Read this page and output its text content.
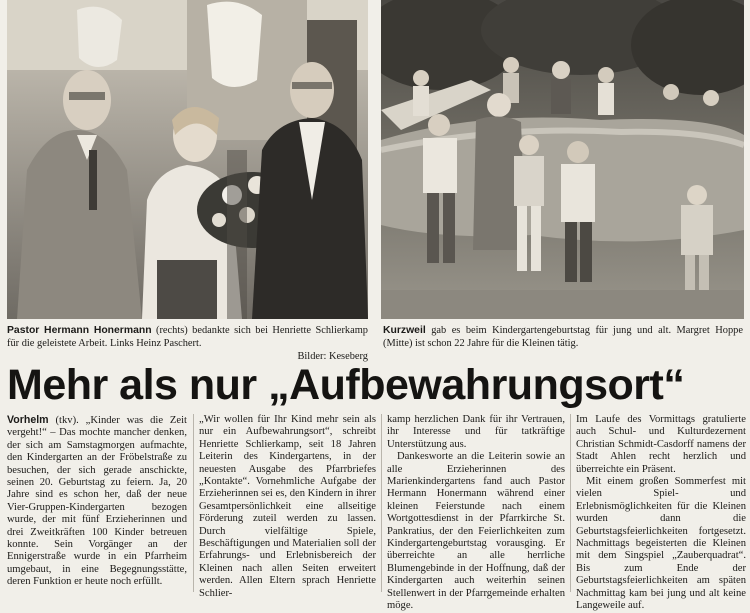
Pastor Hermann Honermann (rechts) bedankte sich bei Henriette Schlierkamp für die geleistete Arbeit. Links Heinz Paschert.
Bilder: Keseberg
Kurzweil gab es beim Kindergartengeburtstag für jung und alt. Margret Hoppe (Mitte) ist schon 22 Jahre für die Kleinen tätig.
Mehr als nur „Aufbewahrungsort“

Vorhelm (tkv). „Kinder was die Zeit vergeht!“ – Das mochte mancher denken, der sich am Samstagmorgen aufmachte, den Kindergarten an der Fröbelstraße zu besuchen, der sich gerade anschickte, seinen 20. Geburtstag zu feiern. Ja, 20 Jahre sind es schon her, daß der neue Vier-Gruppen-Kindergarten bezogen wurde, der mit fünf Erzieherinnen und drei Zweitkräften 100 Kinder betreuen konnte. Sein Vorgänger an der Ennigerstraße wurde in ein Pfarrheim umgebaut, in eine Begegnungsstätte, deren Funktion er heute noch erfüllt.

„Wir wollen für Ihr Kind mehr sein als nur ein Aufbewahrungsort“, schreibt Henriette Schlierkamp, seit 18 Jahren Leiterin des Kindergartens, in der neuesten Ausgabe des Pfarrbriefes „Kontakte“. Vornehmliche Aufgabe der Erzieherinnen sei es, den Kindern in ihrer Gesamtpersönlichkeit eine allseitige Förderung zuteil werden zu lassen. Durch vielfältige Spiele, Beschäftigungen und Materialien soll der Erfahrungs- und Erlebnisbereich der Kleinen nach allen Seiten erweitert werden. Allen Eltern sprach Henriette Schlier-

kamp herzlichen Dank für ihr Vertrauen, ihr Interesse und für tatkräftige Unterstützung aus.

Dankesworte an die Leiterin sowie an alle Erzieherinnen des Marienkindergartens fand auch Pastor Hermann Honermann während einer kleinen Feierstunde nach einem Wortgottesdienst in der Pfarrkirche St. Pankratius, der den Feierlichkeiten zum Kindergartengeburtstag vorausging. Er überreichte an alle herrliche Blumengebinde in der Hoffnung, daß der Kindergarten auch weiterhin seinen Stellenwert in der Pfarrgemeinde erhalten möge.

Im Laufe des Vormittags gratulierte auch Schul- und Kulturdezernent Christian Schmidt-Casdorff namens der Stadt Ahlen recht herzlich und überreichte ein Präsent.

Mit einem großen Sommerfest mit vielen Spiel- und Erlebnismöglichkeiten für die Kleinen wurden dann die Geburtstagsfeierlichkeiten fortgesetzt. Nachmittags begeisterten die Kleinen mit dem Singspiel „Zauberquadrat“. Bis zum Ende der Geburtstagsfeierlichkeiten am späten Nachmittag kam bei jung und alt keine Langeweile auf.
